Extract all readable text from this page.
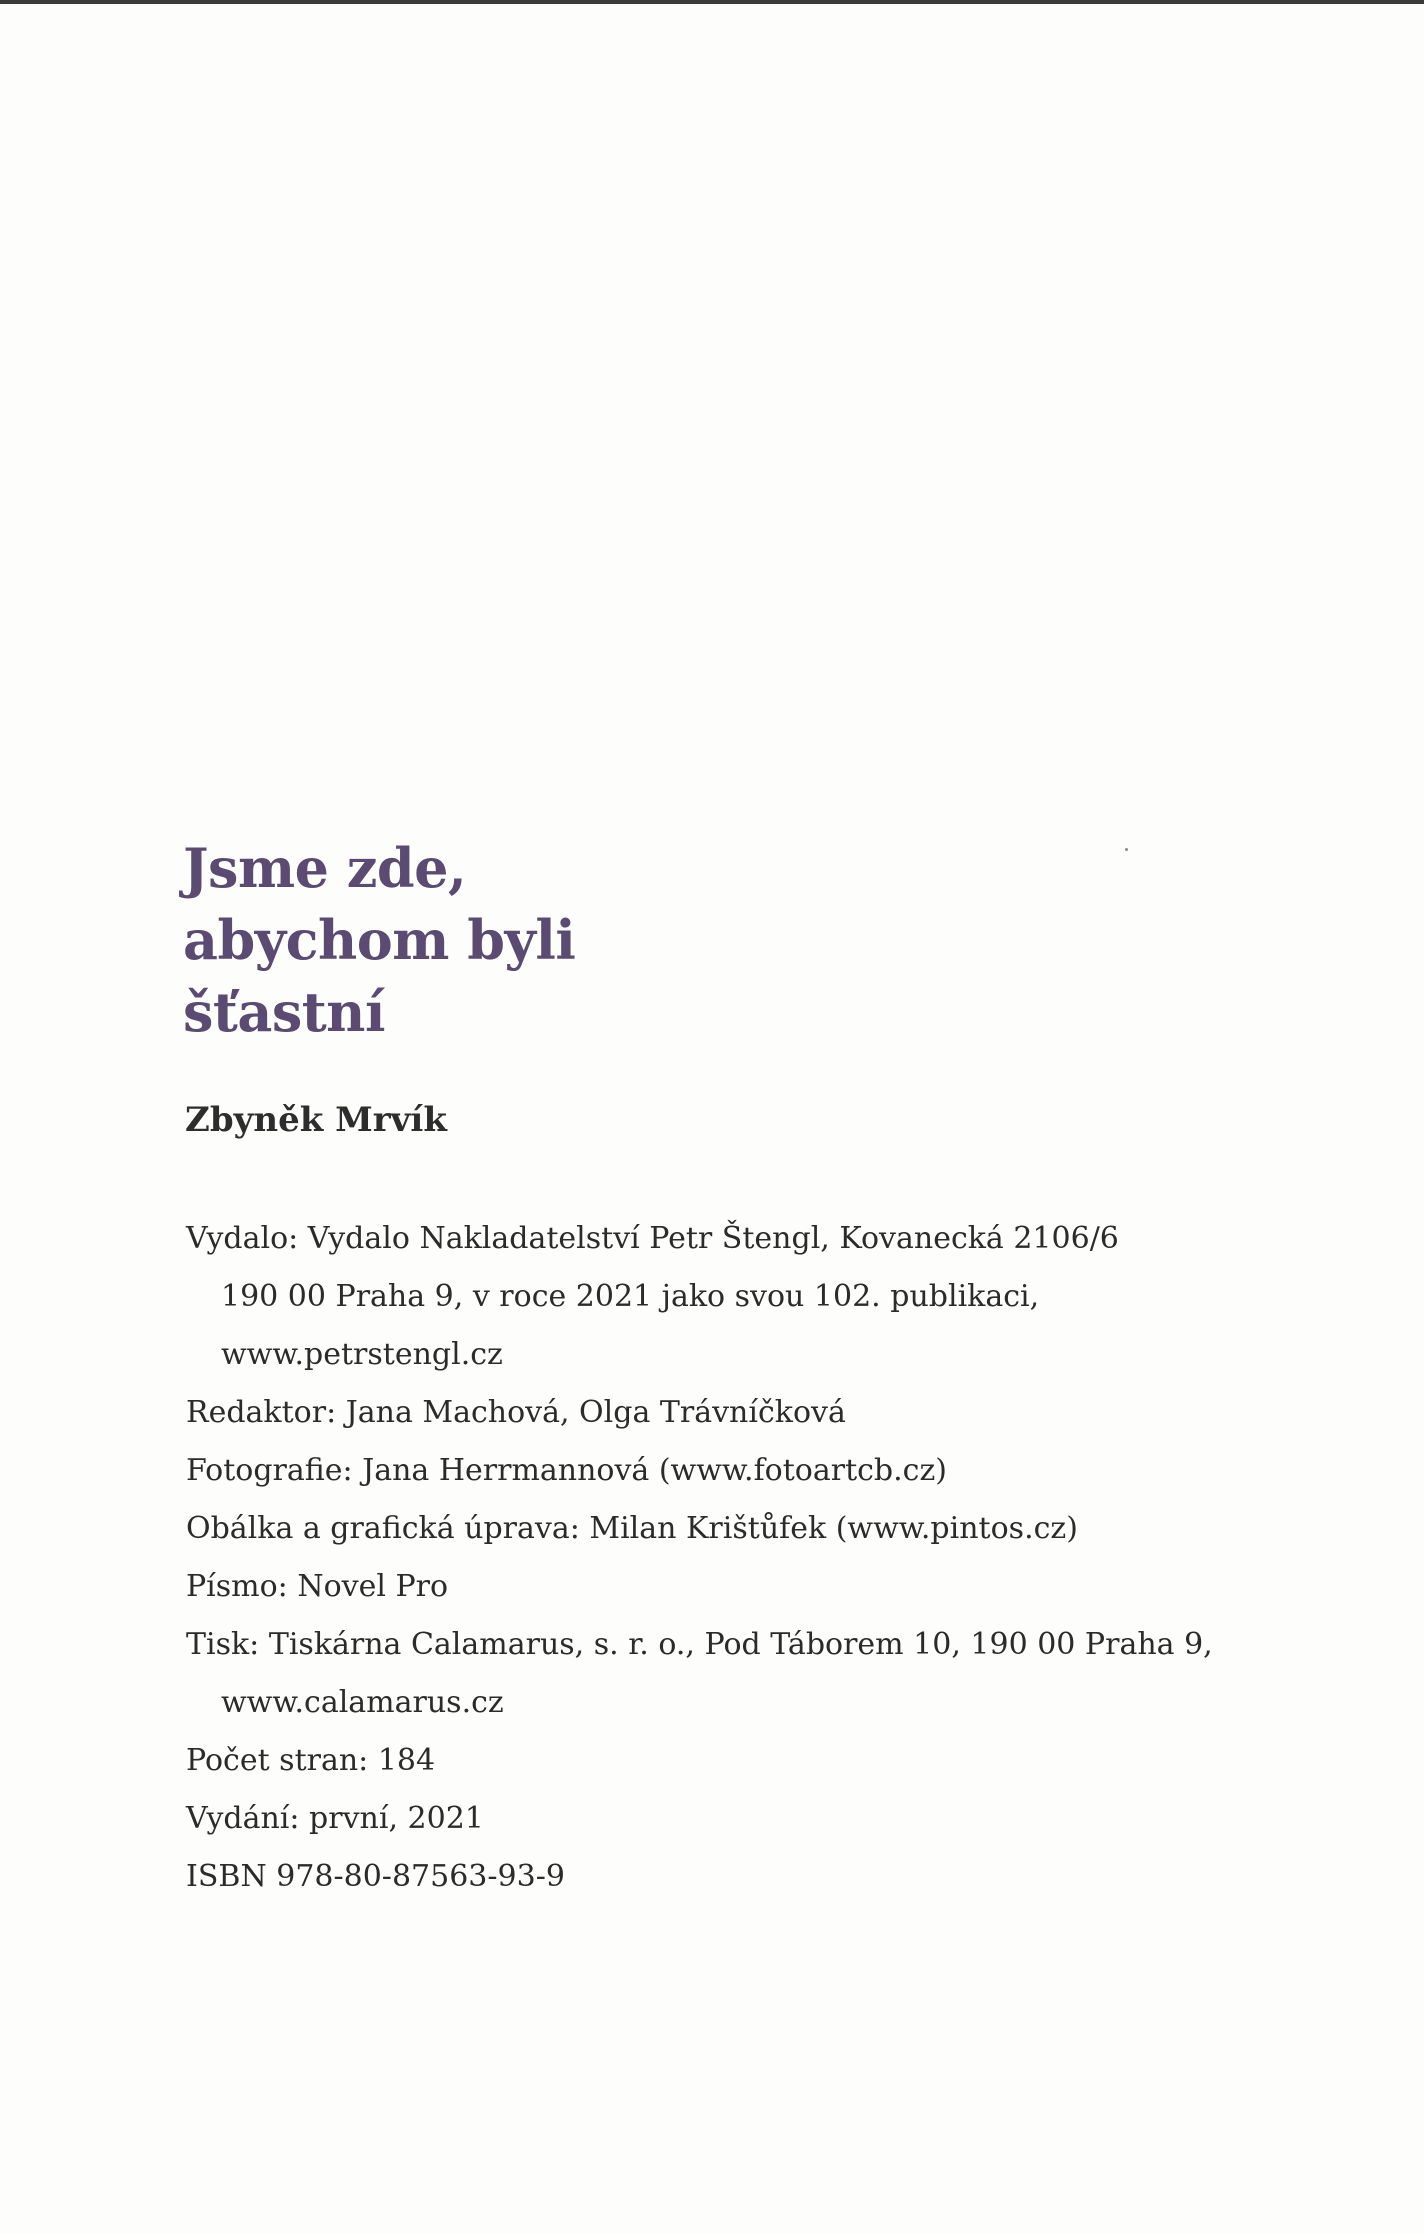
Jsme zde,
abychom byli
šťastní
Zbyněk Mrvík
Vydalo: Vydalo Nakladatelství Petr Štengl, Kovanecká 2106/6
190 00 Praha 9, v roce 2021 jako svou 102. publikaci,
www.petrstengl.cz
Redaktor: Jana Machová, Olga Trávníčková
Fotografie: Jana Herrmannová (www.fotoartcb.cz)
Obálka a grafická úprava: Milan Krištůfek (www.pintos.cz)
Písmo: Novel Pro
Tisk: Tiskárna Calamarus, s. r. o., Pod Táborem 10, 190 00 Praha 9,
www.calamarus.cz
Počet stran: 184
Vydání: první, 2021
ISBN 978-80-87563-93-9
